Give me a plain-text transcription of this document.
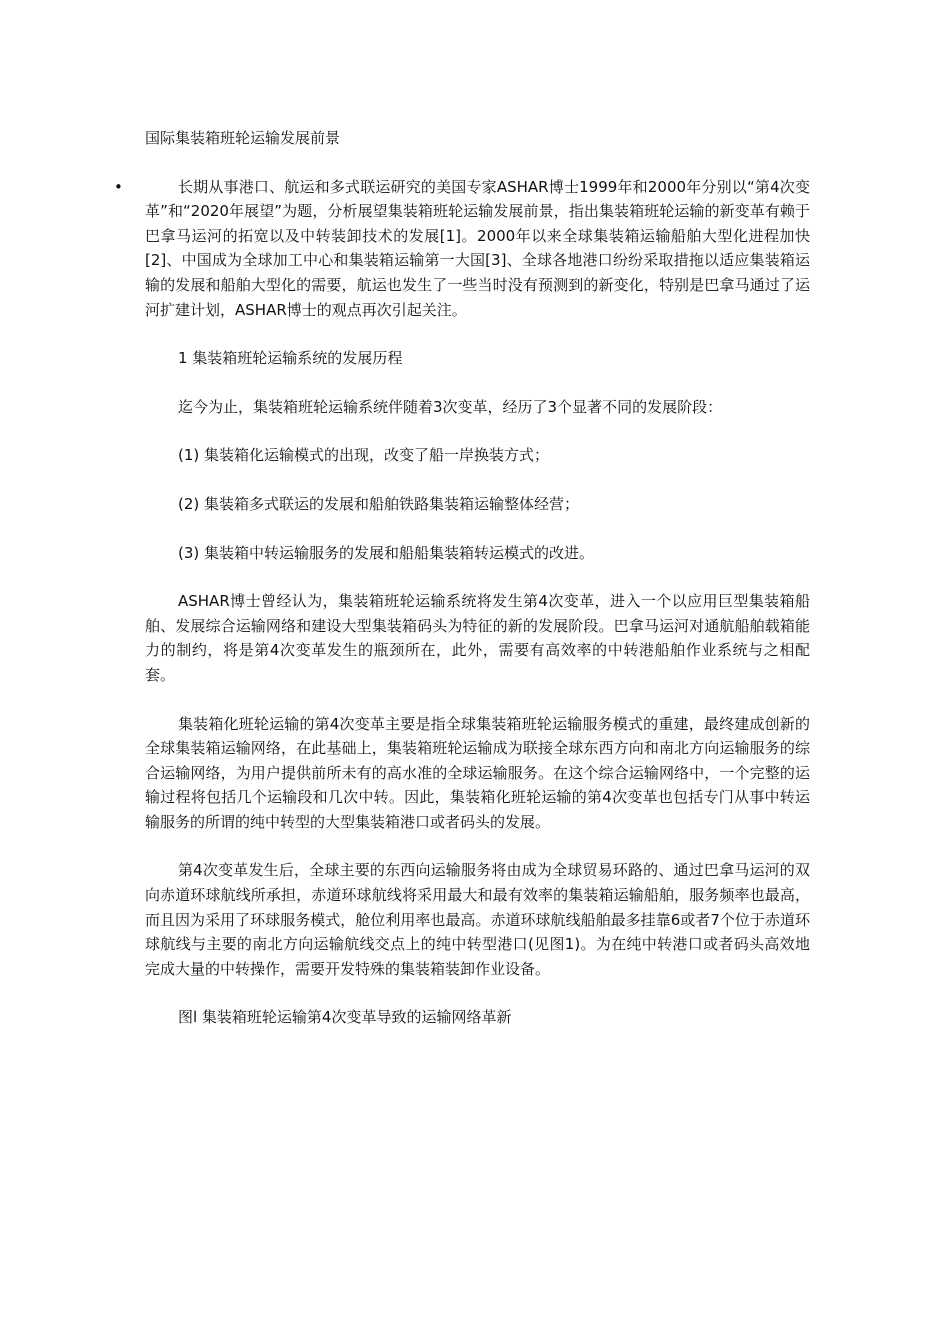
国际集装箱班轮运输发展前景

•	长期从事港口、航运和多式联运研究的美国专家ASHAR博士1999年和2000年分别以“第4次变革”和“2020年展望”为题，分析展望集装箱班轮运输发展前景，指出集装箱班轮运输的新变革有赖于巴拿马运河的拓宽以及中转装卸技术的发展[1]。2000年以来全球集装箱运输船舶大型化进程加快[2]、中国成为全球加工中心和集装箱运输第一大国[3]、全球各地港口纷纷采取措拖以适应集装箱运输的发展和船舶大型化的需要，航运也发生了一些当时没有预测到的新变化，特别是巴拿马通过了运河扩建计划，ASHAR博士的观点再次引起关注。

1 集装箱班轮运输系统的发展历程

迄今为止，集装箱班轮运输系统伴随着3次变革，经历了3个显著不同的发展阶段：

(1) 集装箱化运输模式的出现，改变了船一岸换装方式；

(2) 集装箱多式联运的发展和船舶铁路集装箱运输整体经营；

(3) 集装箱中转运输服务的发展和船船集装箱转运模式的改进。

ASHAR博士曾经认为，集装箱班轮运输系统将发生第4次变革，进入一个以应用巨型集装箱船舶、发展综合运输网络和建设大型集装箱码头为特征的新的发展阶段。巴拿马运河对通航船舶载箱能力的制约，将是第4次变革发生的瓶颈所在，此外，需要有高效率的中转港船舶作业系统与之相配套。

集装箱化班轮运输的第4次变革主要是指全球集装箱班轮运输服务模式的重建，最终建成创新的全球集装箱运输网络，在此基础上，集装箱班轮运输成为联接全球东西方向和南北方向运输服务的综合运输网络，为用户提供前所未有的高水准的全球运输服务。在这个综合运输网络中，一个完整的运输过程将包括几个运输段和几次中转。因此，集装箱化班轮运输的第4次变革也包括专门从事中转运输服务的所谓的纯中转型的大型集装箱港口或者码头的发展。

第4次变革发生后，全球主要的东西向运输服务将由成为全球贸易环路的、通过巴拿马运河的双向赤道环球航线所承担，赤道环球航线将采用最大和最有效率的集装箱运输船舶，服务频率也最高，而且因为采用了环球服务模式，舱位利用率也最高。赤道环球航线船舶最多挂靠6或者7个位于赤道环球航线与主要的南北方向运输航线交点上的纯中转型港口(见图1)。为在纯中转港口或者码头高效地完成大量的中转操作，需要开发特殊的集装箱装卸作业设备。

图l 集装箱班轮运输第4次变革导致的运输网络革新
